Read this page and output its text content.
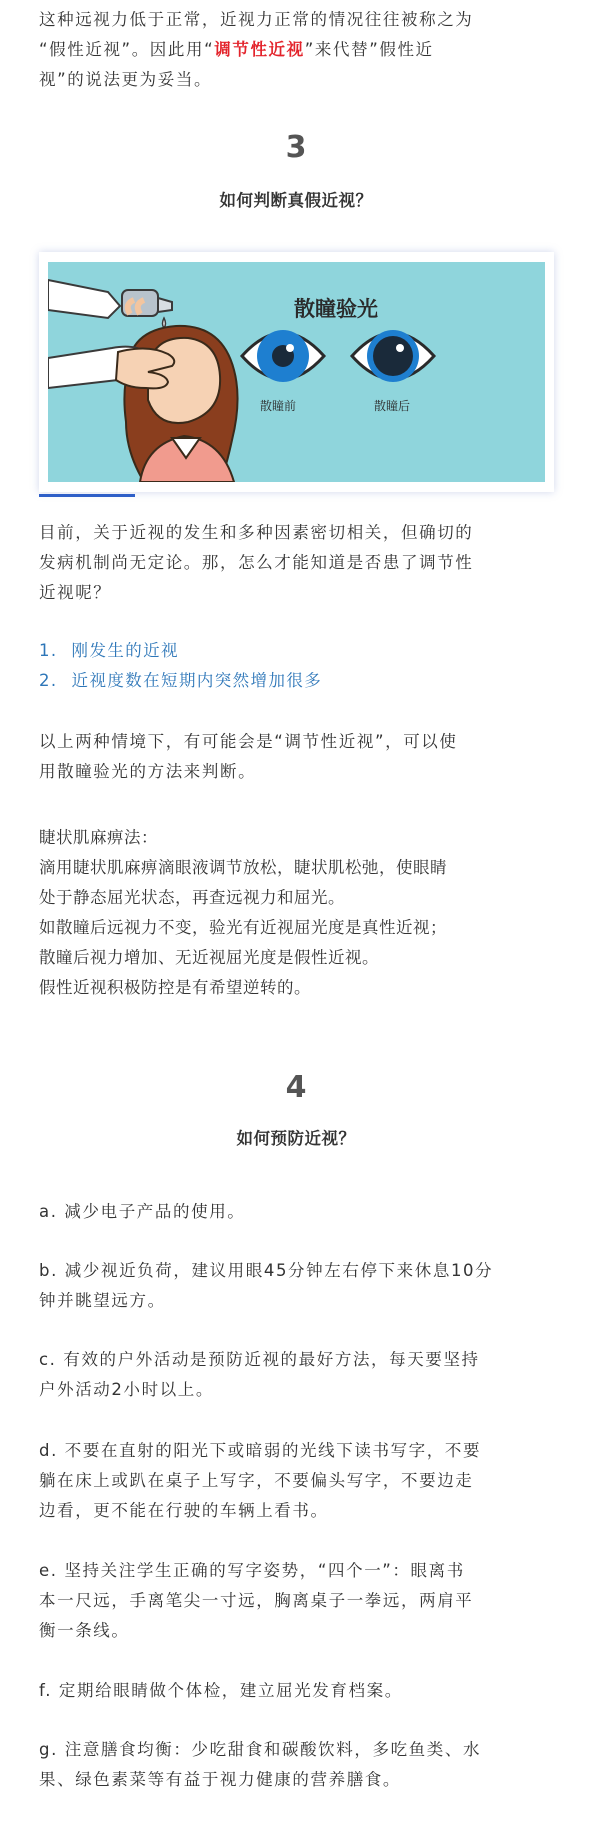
这种远视力低于正常，近视力正常的情况往往被称之为
“假性近视”。因此用“调节性近视”来代替”假性近
视”的说法更为妥当。

3
如何判断真假近视？
散瞳验光
散瞳前	散瞳后

目前，关于近视的发生和多种因素密切相关，但确切的
发病机制尚无定论。那，怎么才能知道是否患了调节性
近视呢？

1. 刚发生的近视
2. 近视度数在短期内突然增加很多

以上两种情境下，有可能会是“调节性近视”，可以使
用散瞳验光的方法来判断。

睫状肌麻痹法：
滴用睫状肌麻痹滴眼液调节放松，睫状肌松弛，使眼睛
处于静态屈光状态，再查远视力和屈光。
如散瞳后远视力不变，验光有近视屈光度是真性近视；
散瞳后视力增加、无近视屈光度是假性近视。
假性近视积极防控是有希望逆转的。

4
如何预防近视？

a. 减少电子产品的使用。

b. 减少视近负荷，建议用眼45分钟左右停下来休息10分
钟并眺望远方。

c. 有效的户外活动是预防近视的最好方法，每天要坚持
户外活动2小时以上。

d. 不要在直射的阳光下或暗弱的光线下读书写字，不要
躺在床上或趴在桌子上写字，不要偏头写字，不要边走
边看，更不能在行驶的车辆上看书。

e. 坚持关注学生正确的写字姿势，“四个一”：眼离书
本一尺远，手离笔尖一寸远，胸离桌子一拳远，两肩平
衡一条线。

f. 定期给眼睛做个体检，建立屈光发育档案。

g. 注意膳食均衡：少吃甜食和碳酸饮料，多吃鱼类、水
果、绿色素菜等有益于视力健康的营养膳食。
